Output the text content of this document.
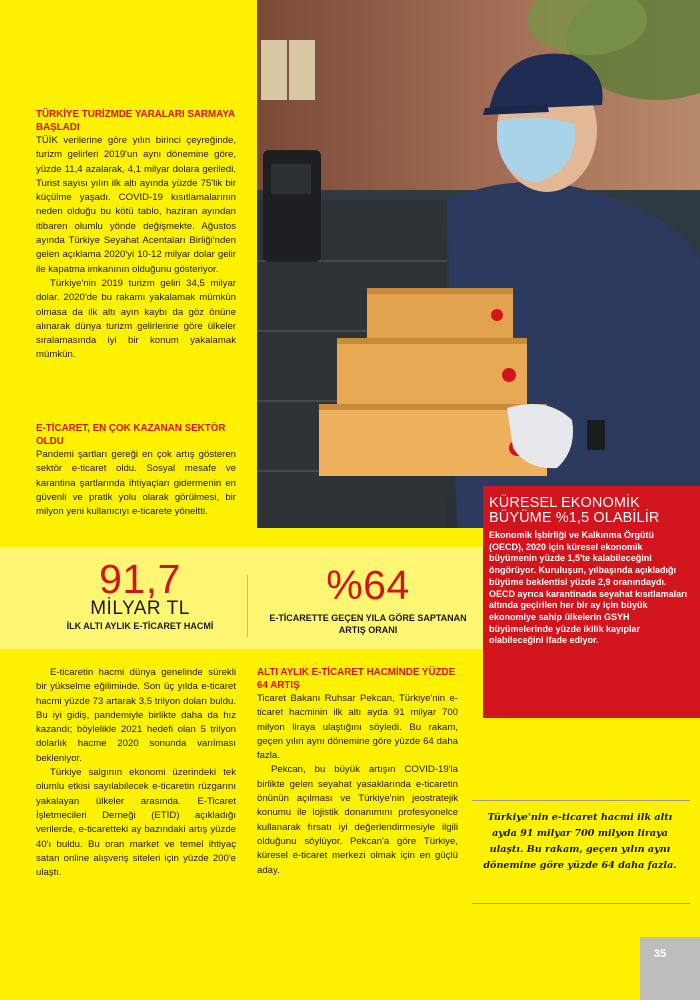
TÜRKİYE TURİZMDE YARALARI SARMAYA BAŞLADI

TÜİK verilerine göre yılın birinci çeyreğinde, turizm gelirleri 2019'un aynı dönemine göre, yüzde 11,4 azalarak, 4,1 milyar dolara geriledi. Turist sayısı yılın ilk altı ayında yüzde 75'lik bir küçülme yaşadı. COVID-19 kısıtlamalarının neden olduğu bu kötü tablo, haziran ayından itibaren olumlu yönde değişmekte. Ağustos ayında Türkiye Seyahat Acentaları Birliği'nden gelen açıklama 2020'yi 10-12 milyar dolar gelir ile kapatma imkanının olduğunu gösteriyor.

Türkiye'nin 2019 turizm geliri 34,5 milyar dolar. 2020'de bu rakamı yakalamak mümkün olmasa da ilk altı ayın kaybı da göz önüne alınarak dünya turizm gelirlerine göre ülkeler sıralamasında iyi bir konum yakalamak mümkün.

E-TİCARET, EN ÇOK KAZANAN SEKTÖR OLDU

Pandemi şartları gereği en çok artış gösteren sektör e-ticaret oldu. Sosyal mesafe ve karantina şartlarında ihtiyaçları gidermenin en güvenli ve pratik yolu olarak görülmesi, bir milyon yeni kullanıcıyı e-ticarete yöneltti.

91,7
MİLYAR TL
İLK ALTI AYLIK E-TİCARET HACMİ
%64
E-TİCARETTE GEÇEN YILA GÖRE SAPTANAN ARTIŞ ORANI
KÜRESEL EKONOMİK BÜYÜME %1,5 OLABİLİR

Ekonomik İşbirliği ve Kalkınma Örgütü (OECD), 2020 için küresel ekonomik büyümenin yüzde 1,5'te kalabileceğini öngörüyor. Kuruluşun, yılbaşında açıkladığı büyüme beklentisi yüzde 2,9 oranındaydı.

OECD ayrıca karantinada seyahat kısıtlamaları altında geçirilen her bir ay için büyük ekonomiye sahip ülkelerin GSYH büyümelerinde yüzde ikilik kayıplar olabileceğini ifade ediyor.

E-ticaretin hacmi dünya genelinde sürekli bir yükselme eğilimінde. Son üç yılda e-ticaret hacmi yüzde 73 artarak 3,5 trilyon doları buldu. Bu iyi gidiş, pandemiyle birlikte daha da hız kazandı; böylelikle 2021 hedefi olan 5 trilyon dolarlık hacme 2020 sonunda varılması bekleniyor.

Türkiye salgının ekonomi üzerindeki tek olumlu etkisi sayılabilecek e-ticaretin rüzgarını yakalayan ülkeler arasında. E-Ticaret İşletmecileri Derneği (ETİD) açıkladığı verilerde, e-ticaretteki ay bazındaki artış yüzde 40'ı buldu. Bu oran market ve temel ihtiyaç satan online alışveriş siteleri için yüzde 200'e ulaştı.

ALTI AYLIK E-TİCARET HACMİNDE YÜZDE 64 ARTIŞ

Ticaret Bakanı Ruhsar Pekcan, Türkiye'nin e-ticaret hacminin ilk altı ayda 91 milyar 700 milyon liraya ulaştığını söyledi. Bu rakam, geçen yılın aynı dönemine göre yüzde 64 daha fazla.

Pekcan, bu büyük artışın COVID-19'la birlikte gelen seyahat yasaklarında e-ticaretin önünün açılması ve Türkiye'nin jeostratejik konumu ile lojistik donanımını profesyonelce kullanarak fırsatı iyi değerlendirmesiyle ilgili olduğunu söylüyor. Pekcan'a göre Türkiye, küresel e-ticaret merkezi olmak için en güçlü aday.

Türkiye'nin e-ticaret hacmi ilk altı ayda 91 milyar 700 milyon liraya ulaştı. Bu rakam, geçen yılın aynı dönemine göre yüzde 64 daha fazla.
35
